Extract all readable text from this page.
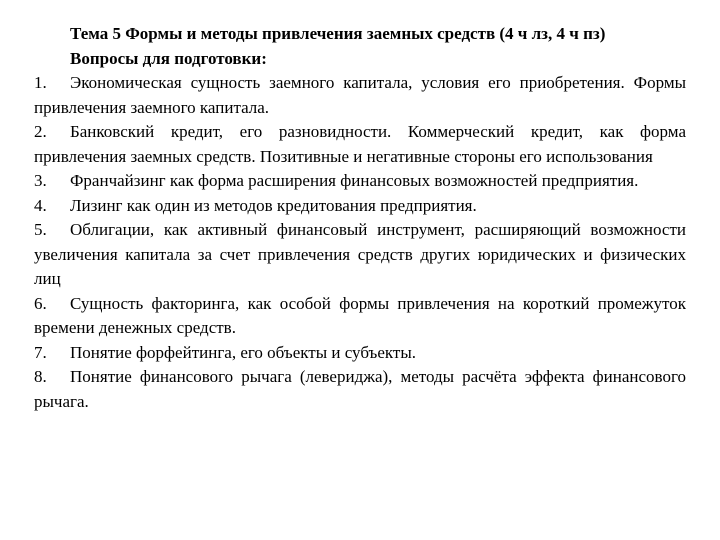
Тема 5 Формы и методы привлечения заемных средств (4 ч лз, 4 ч пз)

Вопросы для подготовки:

1. Экономическая сущность заемного капитала, условия его приобретения. Формы привлечения заемного капитала.

2. Банковский кредит, его разновидности. Коммерческий кредит, как форма привлечения заемных средств. Позитивные и негативные стороны его использования

3. Франчайзинг как форма расширения финансовых возможностей предприятия.

4. Лизинг как один из методов кредитования предприятия.

5. Облигации, как активный финансовый инструмент, расширяющий возможности увеличения капитала за счет привлечения средств других юридических и физических лиц

6. Сущность факторинга, как особой формы привлечения на короткий промежуток времени денежных средств.

7. Понятие форфейтинга, его объекты и субъекты.

8. Понятие финансового рычага (левериджа), методы расчёта эффекта финансового рычага.
